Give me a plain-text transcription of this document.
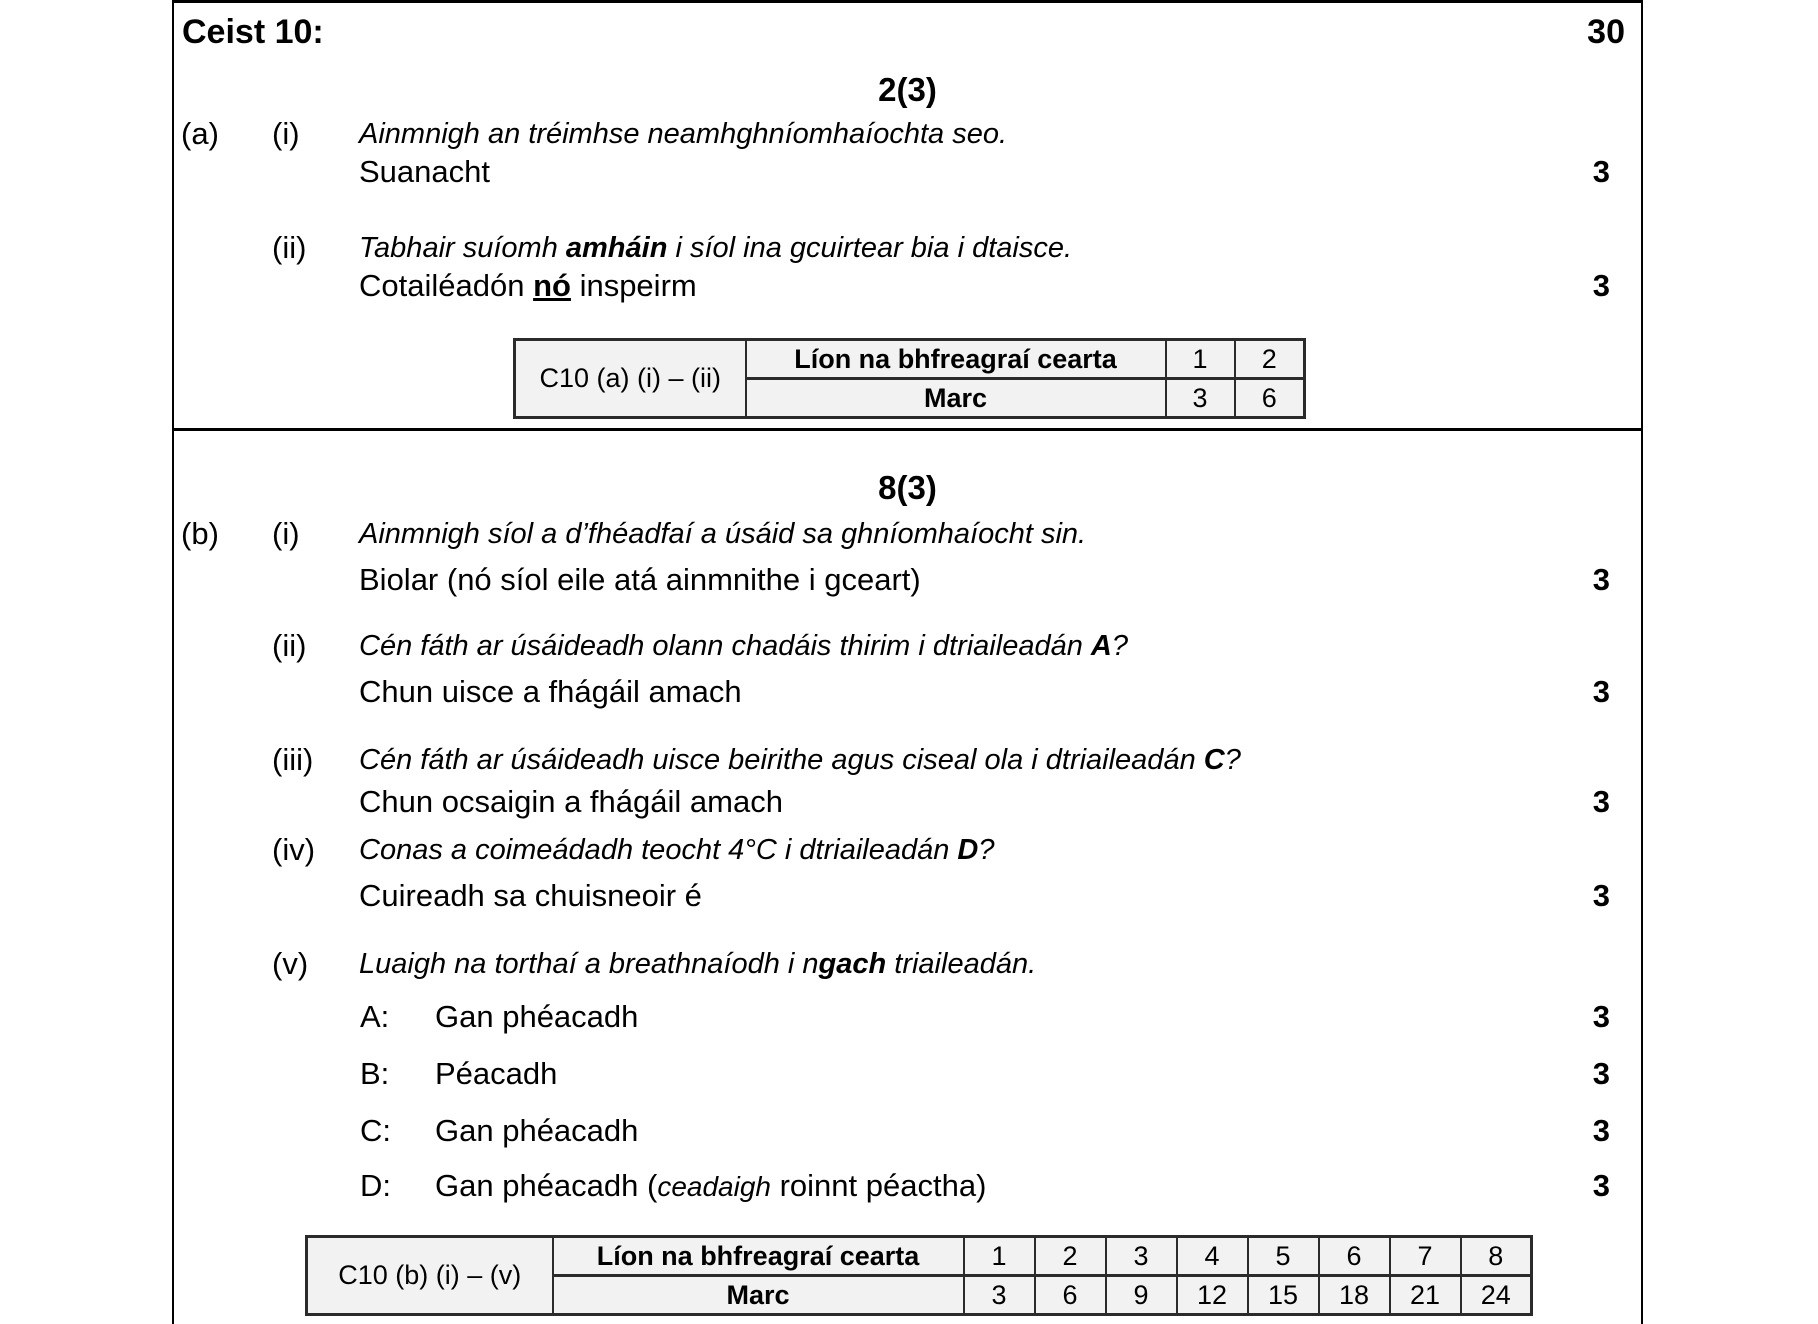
Ceist 10:	30
2(3)
(a) (i) Ainmnigh an tréimhse neamhghníomhaíochta seo.
Suanacht	3
(ii) Tabhair suíomh amháin i síol ina gcuirtear bia i dtaisce.
Cotailéadón nó inspeirm	3
C10 (a) (i) – (ii)	Líon na bhfreagraí cearta	1	2
	Marc	3	6
8(3)
(b) (i) Ainmnigh síol a d’fhéadfaí a úsáid sa ghníomhaíocht sin.
Biolar (nó síol eile atá ainmnithe i gceart)	3
(ii) Cén fáth ar úsáideadh olann chadáis thirim i dtriaileadán A?
Chun uisce a fhágáil amach	3
(iii) Cén fáth ar úsáideadh uisce beirithe agus ciseal ola i dtriaileadán C?
Chun ocsaigin a fhágáil amach	3
(iv) Conas a coimeádadh teocht 4°C i dtriaileadán D?
Cuireadh sa chuisneoir é	3
(v) Luaigh na torthaí a breathnaíodh i ngach triaileadán.
A: Gan phéacadh	3
B: Péacadh	3
C: Gan phéacadh	3
D: Gan phéacadh (ceadaigh roinnt péactha)	3
C10 (b) (i) – (v)	Líon na bhfreagraí cearta	1	2	3	4	5	6	7	8
	Marc	3	6	9	12	15	18	21	24
